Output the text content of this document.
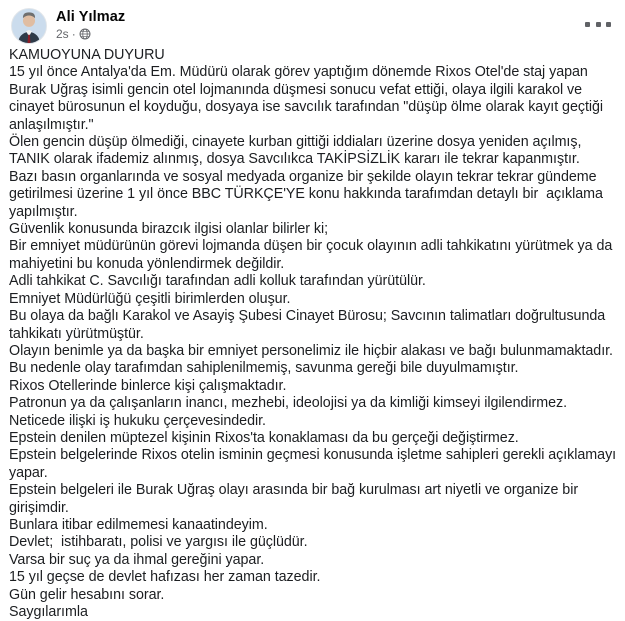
Ali Yılmaz
2s ·
KAMUOYUNA DUYURU
15 yıl önce Antalya'da Em. Müdürü olarak görev yaptığım dönemde Rixos Otel'de staj yapan Burak Uğraş isimli gencin otel lojmanında düşmesi sonucu vefat ettiği, olaya ilgili karakol ve cinayet bürosunun el koyduğu, dosyaya ise savcılık tarafından "düşüp ölme olarak kayıt geçtiği anlaşılmıştır."
Ölen gencin düşüp ölmediği, cinayete kurban gittiği iddiaları üzerine dosya yeniden açılmış, TANIK olarak ifademiz alınmış, dosya Savcılıkca TAKİPSİZLİK kararı ile tekrar kapanmıştır.
Bazı basın organlarında ve sosyal medyada organize bir şekilde olayın tekrar tekrar gündeme getirilmesi üzerine 1 yıl önce BBC TÜRKÇE'YE konu hakkında tarafımdan detaylı bir  açıklama yapılmıştır.
Güvenlik konusunda birazcık ilgisi olanlar bilirler ki;
Bir emniyet müdürünün görevi lojmanda düşen bir çocuk olayının adli tahkikatını yürütmek ya da mahiyetini bu konuda yönlendirmek değildir.
Adli tahkikat C. Savcılığı tarafından adli kolluk tarafından yürütülür.
Emniyet Müdürlüğü çeşitli birimlerden oluşur.
Bu olaya da bağlı Karakol ve Asayiş Şubesi Cinayet Bürosu; Savcının talimatları doğrultusunda tahkikatı yürütmüştür.
Olayın benimle ya da başka bir emniyet personelimiz ile hiçbir alakası ve bağı bulunmamaktadır.
Bu nedenle olay tarafımdan sahiplenilmemiş, savunma gereği bile duyulmamıştır.
Rixos Otellerinde binlerce kişi çalışmaktadır.
Patronun ya da çalışanların inancı, mezhebi, ideolojisi ya da kimliği kimseyi ilgilendirmez.
Neticede ilişki iş hukuku çerçevesindedir.
Epstein denilen müptezel kişinin Rixos'ta konaklaması da bu gerçeği değiştirmez.
Epstein belgelerinde Rixos otelin isminin geçmesi konusunda işletme sahipleri gerekli açıklamayı yapar.
Epstein belgeleri ile Burak Uğraş olayı arasında bir bağ kurulması art niyetli ve organize bir girişimdir.
Bunlara itibar edilmemesi kanaatindeyim.
Devlet;  istihbaratı, polisi ve yargısı ile güçlüdür.
Varsa bir suç ya da ihmal gereğini yapar.
15 yıl geçse de devlet hafızası her zaman tazedir.
Gün gelir hesabını sorar.
Saygılarımla
